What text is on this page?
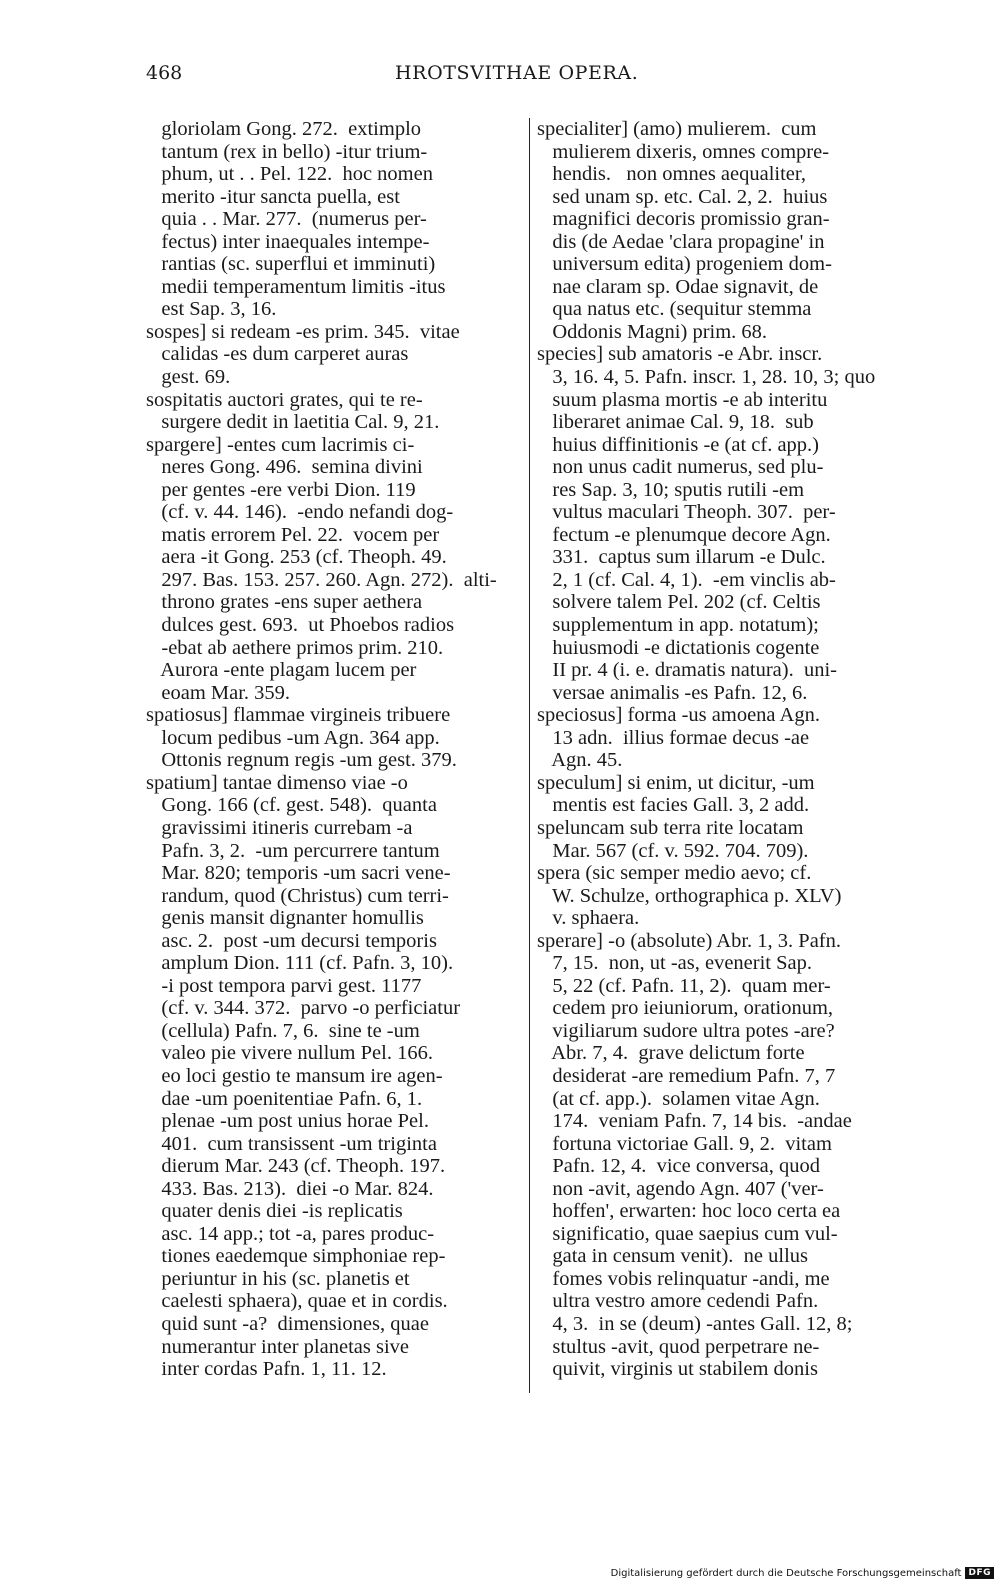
468	HROTSVITHAE OPERA.
gloriolam Gong. 272.  extimplo
tantum (rex in bello) -itur trium-
phum, ut . . Pel. 122.  hoc nomen
merito -itur sancta puella, est
quia . . Mar. 277.  (numerus per-
fectus) inter inaequales intempe-
rantias (sc. superflui et imminuti)
medii temperamentum limitis -itus
est Sap. 3, 16.
sospes] si redeam -es prim. 345.  vitae
calidas -es dum carperet auras
gest. 69.
sospitatis auctori grates, qui te re-
surgere dedit in laetitia Cal. 9, 21.
spargere] -entes cum lacrimis ci-
neres Gong. 496.  semina divini
per gentes -ere verbi Dion. 119
(cf. v. 44. 146).  -endo nefandi dog-
matis errorem Pel. 22.  vocem per
aera -it Gong. 253 (cf. Theoph. 49.
297. Bas. 153. 257. 260. Agn. 272).  alti-
throno grates -ens super aethera
dulces gest. 693.  ut Phoebos radios
-ebat ab aethere primos prim. 210.
Aurora -ente plagam lucem per
eoam Mar. 359.
spatiosus] flammae virgineis tribuere
locum pedibus -um Agn. 364 app.
Ottonis regnum regis -um gest. 379.
spatium] tantae dimenso viae -o
Gong. 166 (cf. gest. 548).  quanta
gravissimi itineris currebam -a
Pafn. 3, 2.  -um percurrere tantum
Mar. 820; temporis -um sacri vene-
randum, quod (Christus) cum terri-
genis mansit dignanter homullis
asc. 2.  post -um decursi temporis
amplum Dion. 111 (cf. Pafn. 3, 10).
-i post tempora parvi gest. 1177
(cf. v. 344. 372.  parvo -o perficiatur
(cellula) Pafn. 7, 6.  sine te -um
valeo pie vivere nullum Pel. 166.
eo loci gestio te mansum ire agen-
dae -um poenitentiae Pafn. 6, 1.
plenae -um post unius horae Pel.
401.  cum transissent -um triginta
dierum Mar. 243 (cf. Theoph. 197.
433. Bas. 213).  diei -o Mar. 824.
quater denis diei -is replicatis
asc. 14 app.; tot -a, pares produc-
tiones eaedemque simphoniae rep-
periuntur in his (sc. planetis et
caelesti sphaera), quae et in cordis.
quid sunt -a?  dimensiones, quae
numerantur inter planetas sive
inter cordas Pafn. 1, 11. 12.
specialiter] (amo) mulierem.  cum
mulierem dixeris, omnes compre-
hendis.   non omnes aequaliter,
sed unam sp. etc. Cal. 2, 2.  huius
magnifici decoris promissio gran-
dis (de Aedae 'clara propagine' in
universum edita) progeniem dom-
nae claram sp. Odae signavit, de
qua natus etc. (sequitur stemma
Oddonis Magni) prim. 68.
species] sub amatoris -e Abr. inscr.
3, 16. 4, 5. Pafn. inscr. 1, 28. 10, 3; quo
suum plasma mortis -e ab interitu
liberaret animae Cal. 9, 18.  sub
huius diffinitionis -e (at cf. app.)
non unus cadit numerus, sed plu-
res Sap. 3, 10; sputis rutili -em
vultus maculari Theoph. 307.  per-
fectum -e plenumque decore Agn.
331.  captus sum illarum -e Dulc.
2, 1 (cf. Cal. 4, 1).  -em vinclis ab-
solvere talem Pel. 202 (cf. Celtis
supplementum in app. notatum);
huiusmodi -e dictationis cogente
II pr. 4 (i. e. dramatis natura).  uni-
versae animalis -es Pafn. 12, 6.
speciosus] forma -us amoena Agn.
13 adn.  illius formae decus -ae
Agn. 45.
speculum] si enim, ut dicitur, -um
mentis est facies Gall. 3, 2 add.
speluncam sub terra rite locatam
Mar. 567 (cf. v. 592. 704. 709).
spera (sic semper medio aevo; cf.
W. Schulze, orthographica p. XLV)
v. sphaera.
sperare] -o (absolute) Abr. 1, 3. Pafn.
7, 15.  non, ut -as, evenerit Sap.
5, 22 (cf. Pafn. 11, 2).  quam mer-
cedem pro ieiuniorum, orationum,
vigiliarum sudore ultra potes -are?
Abr. 7, 4.  grave delictum forte
desiderat -are remedium Pafn. 7, 7
(at cf. app.).  solamen vitae Agn.
174.  veniam Pafn. 7, 14 bis.  -andae
fortuna victoriae Gall. 9, 2.  vitam
Pafn. 12, 4.  vice conversa, quod
non -avit, agendo Agn. 407 ('ver-
hoffen', erwarten: hoc loco certa ea
significatio, quae saepius cum vul-
gata in censum venit).  ne ullus
fomes vobis relinquatur -andi, me
ultra vestro amore cedendi Pafn.
4, 3.  in se (deum) -antes Gall. 12, 8;
stultus -avit, quod perpetrare ne-
quivit, virginis ut stabilem donis
Digitalisierung gefördert durch die Deutsche Forschungsgemeinschaft DFG
